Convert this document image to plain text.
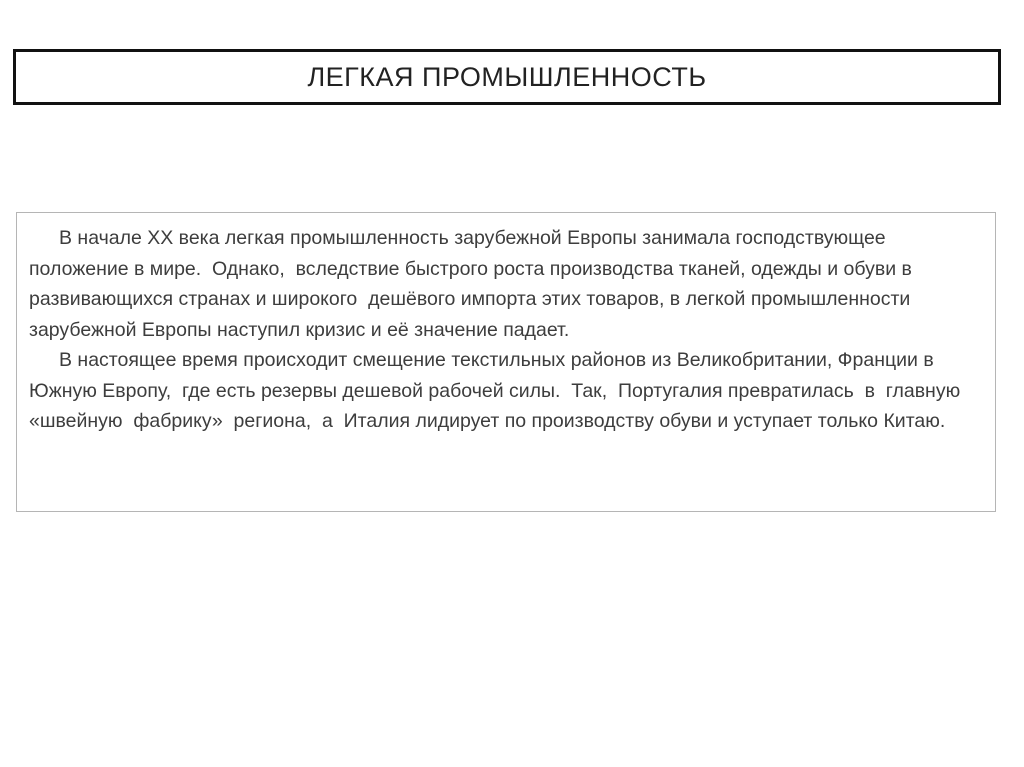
ЛЕГКАЯ ПРОМЫШЛЕННОСТЬ

В начале XX века легкая промышленность зарубежной Европы занимала господствующее положение в мире.  Однако,  вследствие быстрого роста производства тканей, одежды и обуви в развивающихся странах и широкого  дешёвого импорта этих товаров, в легкой промышленности зарубежной Европы наступил кризис и её значение падает.

В настоящее время происходит смещение текстильных районов из Великобритании, Франции в  Южную Европу,  где есть резервы дешевой рабочей силы.  Так,  Португалия превратилась  в  главную  «швейную  фабрику»  региона,  а  Италия лидирует по производству обуви и уступает только Китаю.
